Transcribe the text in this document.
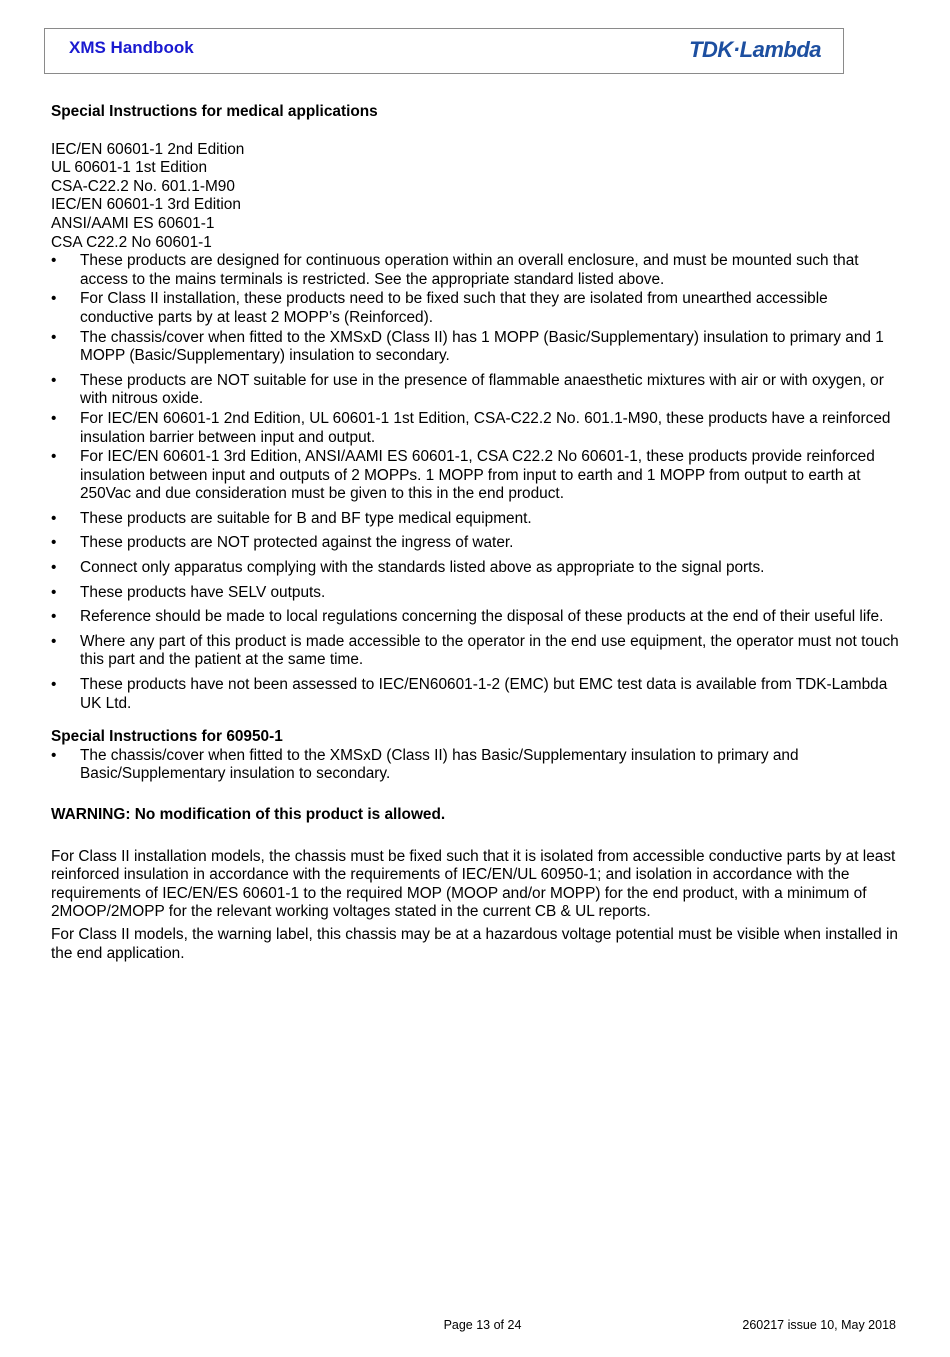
XMS Handbook	TDK·Lambda
Special Instructions for medical applications
IEC/EN 60601-1 2nd Edition
UL 60601-1 1st Edition
CSA-C22.2 No. 601.1-M90
IEC/EN 60601-1 3rd Edition
ANSI/AAMI ES 60601-1
CSA C22.2 No 60601-1
• These products are designed for continuous operation within an overall enclosure, and must be mounted such that access to the mains terminals is restricted. See the appropriate standard listed above.
• For Class II installation, these products need to be fixed such that they are isolated from unearthed accessible conductive parts by at least 2 MOPP’s (Reinforced).
• The chassis/cover when fitted to the XMSxD (Class II) has 1 MOPP (Basic/Supplementary) insulation to primary and 1 MOPP (Basic/Supplementary) insulation to secondary.
• These products are NOT suitable for use in the presence of flammable anaesthetic mixtures with air or with oxygen, or with nitrous oxide.
• For IEC/EN 60601-1 2nd Edition, UL 60601-1 1st Edition, CSA-C22.2 No. 601.1-M90, these products have a reinforced insulation barrier between input and output.
• For IEC/EN 60601-1 3rd Edition, ANSI/AAMI ES 60601-1, CSA C22.2 No 60601-1, these products provide reinforced insulation between input and outputs of 2 MOPPs. 1 MOPP from input to earth and 1 MOPP from output to earth at 250Vac and due consideration must be given to this in the end product.
• These products are suitable for B and BF type medical equipment.
• These products are NOT protected against the ingress of water.
• Connect only apparatus complying with the standards listed above as appropriate to the signal ports.
• These products have SELV outputs.
• Reference should be made to local regulations concerning the disposal of these products at the end of their useful life.
• Where any part of this product is made accessible to the operator in the end use equipment, the operator must not touch this part and the patient at the same time.
• These products have not been assessed to IEC/EN60601-1-2 (EMC) but EMC test data is available from TDK-Lambda UK Ltd.
Special Instructions for 60950-1
• The chassis/cover when fitted to the XMSxD (Class II) has Basic/Supplementary insulation to primary and Basic/Supplementary insulation to secondary.
WARNING: No modification of this product is allowed.
For Class II installation models, the chassis must be fixed such that it is isolated from accessible conductive parts by at least reinforced insulation in accordance with the requirements of IEC/EN/UL 60950-1; and isolation in accordance with the requirements of IEC/EN/ES 60601-1 to the required MOP (MOOP and/or MOPP) for the end product, with a minimum of 2MOOP/2MOPP for the relevant working voltages stated in the current CB & UL reports.
For Class II models, the warning label, this chassis may be at a hazardous voltage potential must be visible when installed in the end application.
Page 13 of 24	260217 issue 10, May 2018
